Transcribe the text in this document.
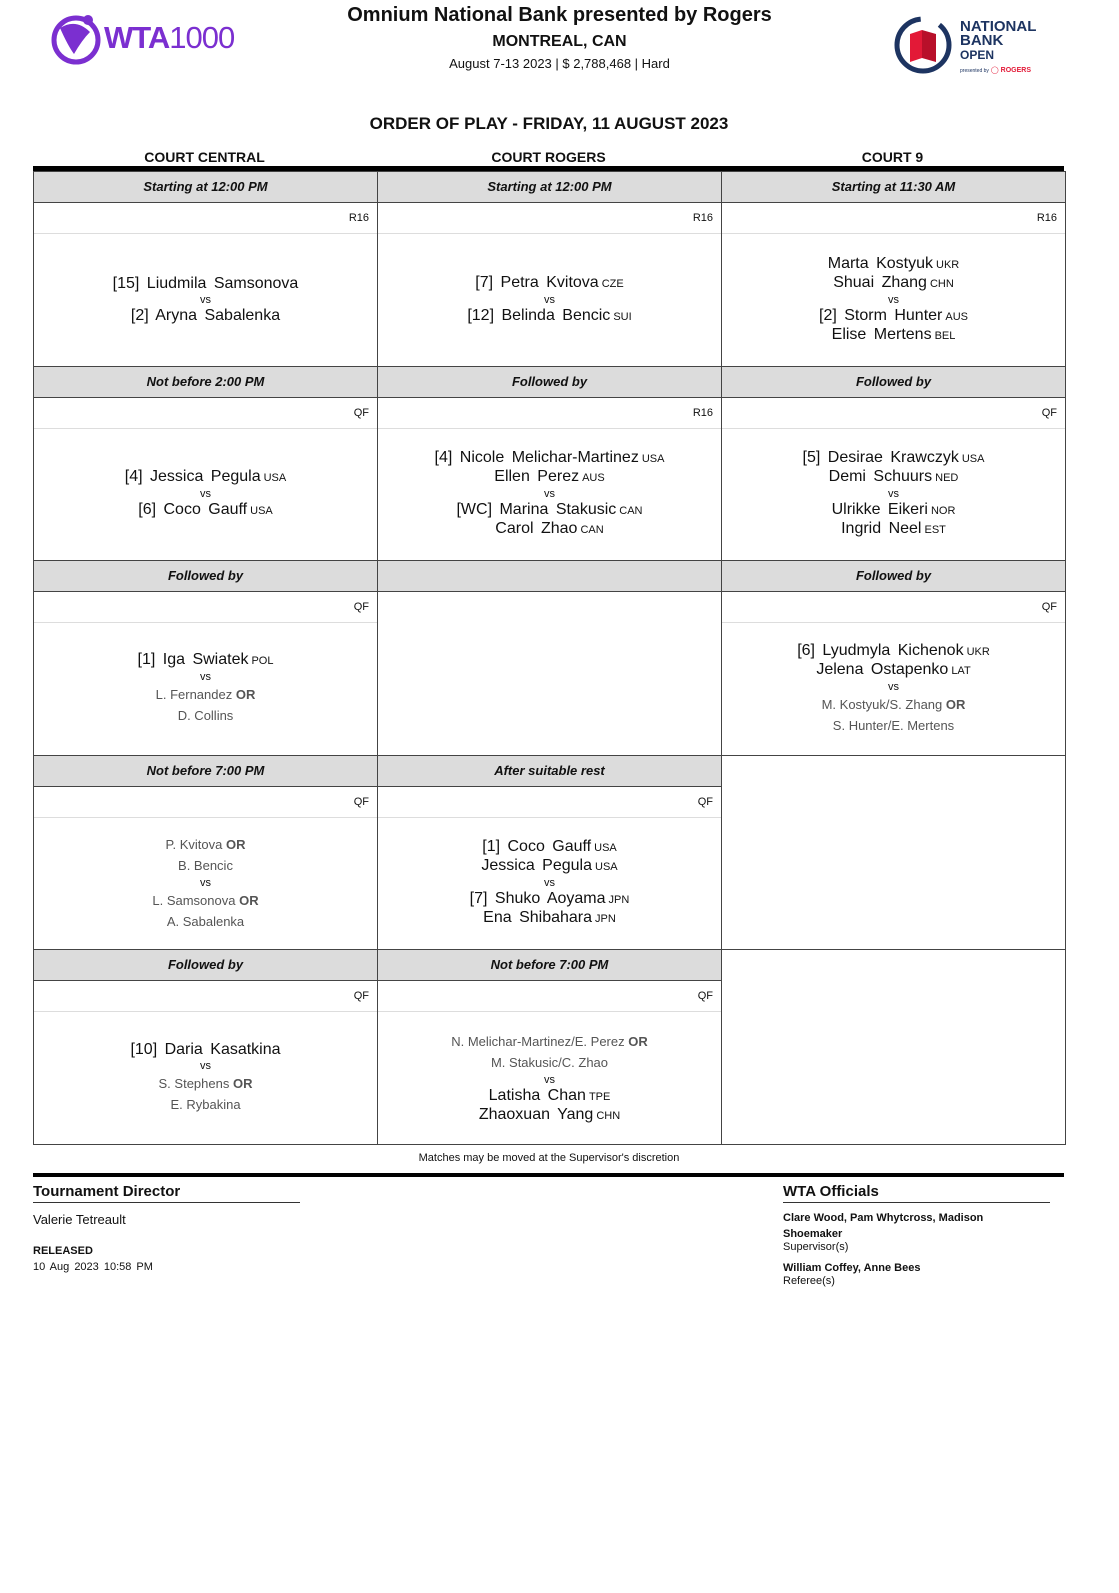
WTA1000
Omnium National Bank presented by Rogers
MONTREAL, CAN
August 7-13 2023 | $ 2,788,468 | Hard
NATIONAL
BANK
OPEN
presented by ◯ ROGERS
ORDER OF PLAY - FRIDAY, 11 AUGUST 2023
COURT CENTRAL
Starting at 12:00 PM
R16
[15] Liudmila Samsonova
vs
[2] Aryna Sabalenka
Not before 2:00 PM
QF
[4] Jessica Pegula USA
vs
[6] Coco Gauff USA
Followed by
QF
[1] Iga Swiatek POL
vs
L. Fernandez OR
D. Collins
Not before 7:00 PM
QF
P. Kvitova OR
B. Bencic
vs
L. Samsonova OR
A. Sabalenka
Followed by
QF
[10] Daria Kasatkina
vs
S. Stephens OR
E. Rybakina
COURT ROGERS
Starting at 12:00 PM
R16
[7] Petra Kvitova CZE
vs
[12] Belinda Bencic SUI
Followed by
R16
[4] Nicole Melichar-Martinez USA
Ellen Perez AUS
vs
[WC] Marina Stakusic CAN
Carol Zhao CAN
After suitable rest
QF
[1] Coco Gauff USA
Jessica Pegula USA
vs
[7] Shuko Aoyama JPN
Ena Shibahara JPN
Not before 7:00 PM
QF
N. Melichar-Martinez/E. Perez OR
M. Stakusic/C. Zhao
vs
Latisha Chan TPE
Zhaoxuan Yang CHN
COURT 9
Starting at 11:30 AM
R16
Marta Kostyuk UKR
Shuai Zhang CHN
vs
[2] Storm Hunter AUS
Elise Mertens BEL
Followed by
QF
[5] Desirae Krawczyk USA
Demi Schuurs NED
vs
Ulrikke Eikeri NOR
Ingrid Neel EST
Followed by
QF
[6] Lyudmyla Kichenok UKR
Jelena Ostapenko LAT
vs
M. Kostyuk/S. Zhang OR
S. Hunter/E. Mertens
Matches may be moved at the Supervisor's discretion
Tournament Director
Valerie Tetreault
RELEASED
10 Aug 2023 10:58 PM
WTA Officials
Clare Wood, Pam Whytcross, Madison Shoemaker
Supervisor(s)
William Coffey, Anne Bees
Referee(s)
